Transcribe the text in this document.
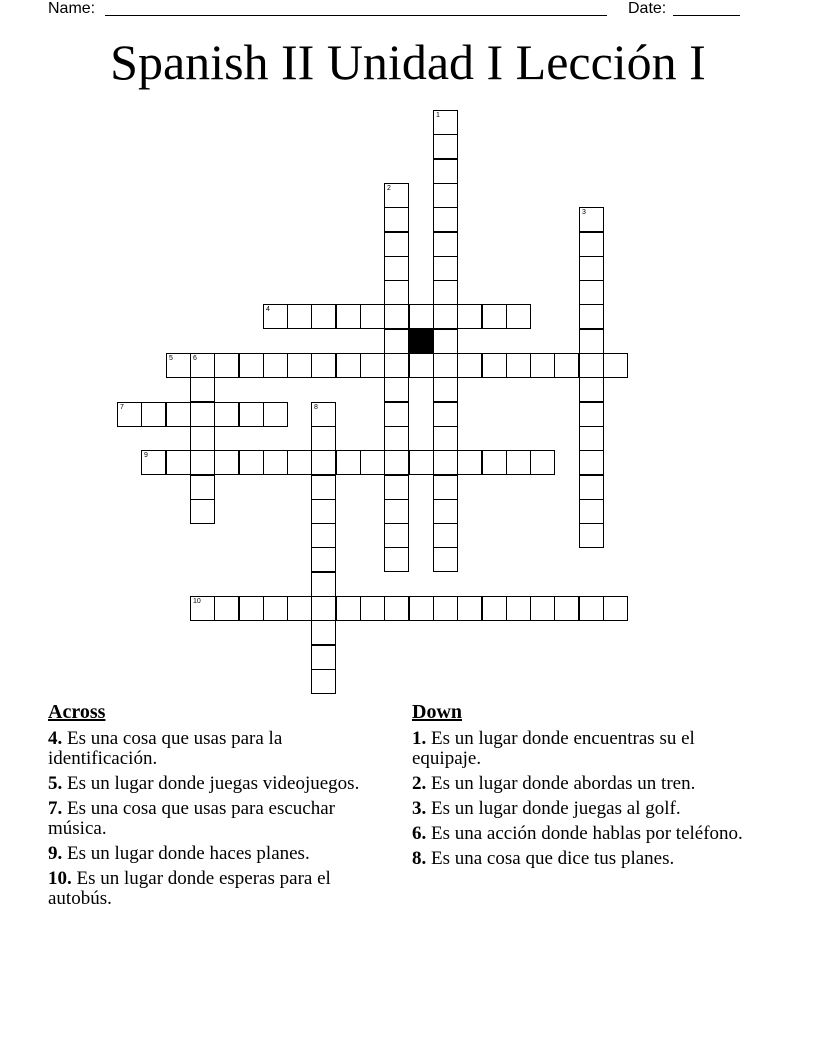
Name:	Date:
Spanish II Unidad I Lección I
1
2
3
4
5	6
7	8
9
10
Across
4. Es una cosa que usas para la identificación.
5. Es un lugar donde juegas videojuegos.
7. Es una cosa que usas para escuchar música.
9. Es un lugar donde haces planes.
10. Es un lugar donde esperas para el autobús.
Down
1. Es un lugar donde encuentras su el equipaje.
2. Es un lugar donde abordas un tren.
3. Es un lugar donde juegas al golf.
6. Es una acción donde hablas por teléfono.
8. Es una cosa que dice tus planes.
